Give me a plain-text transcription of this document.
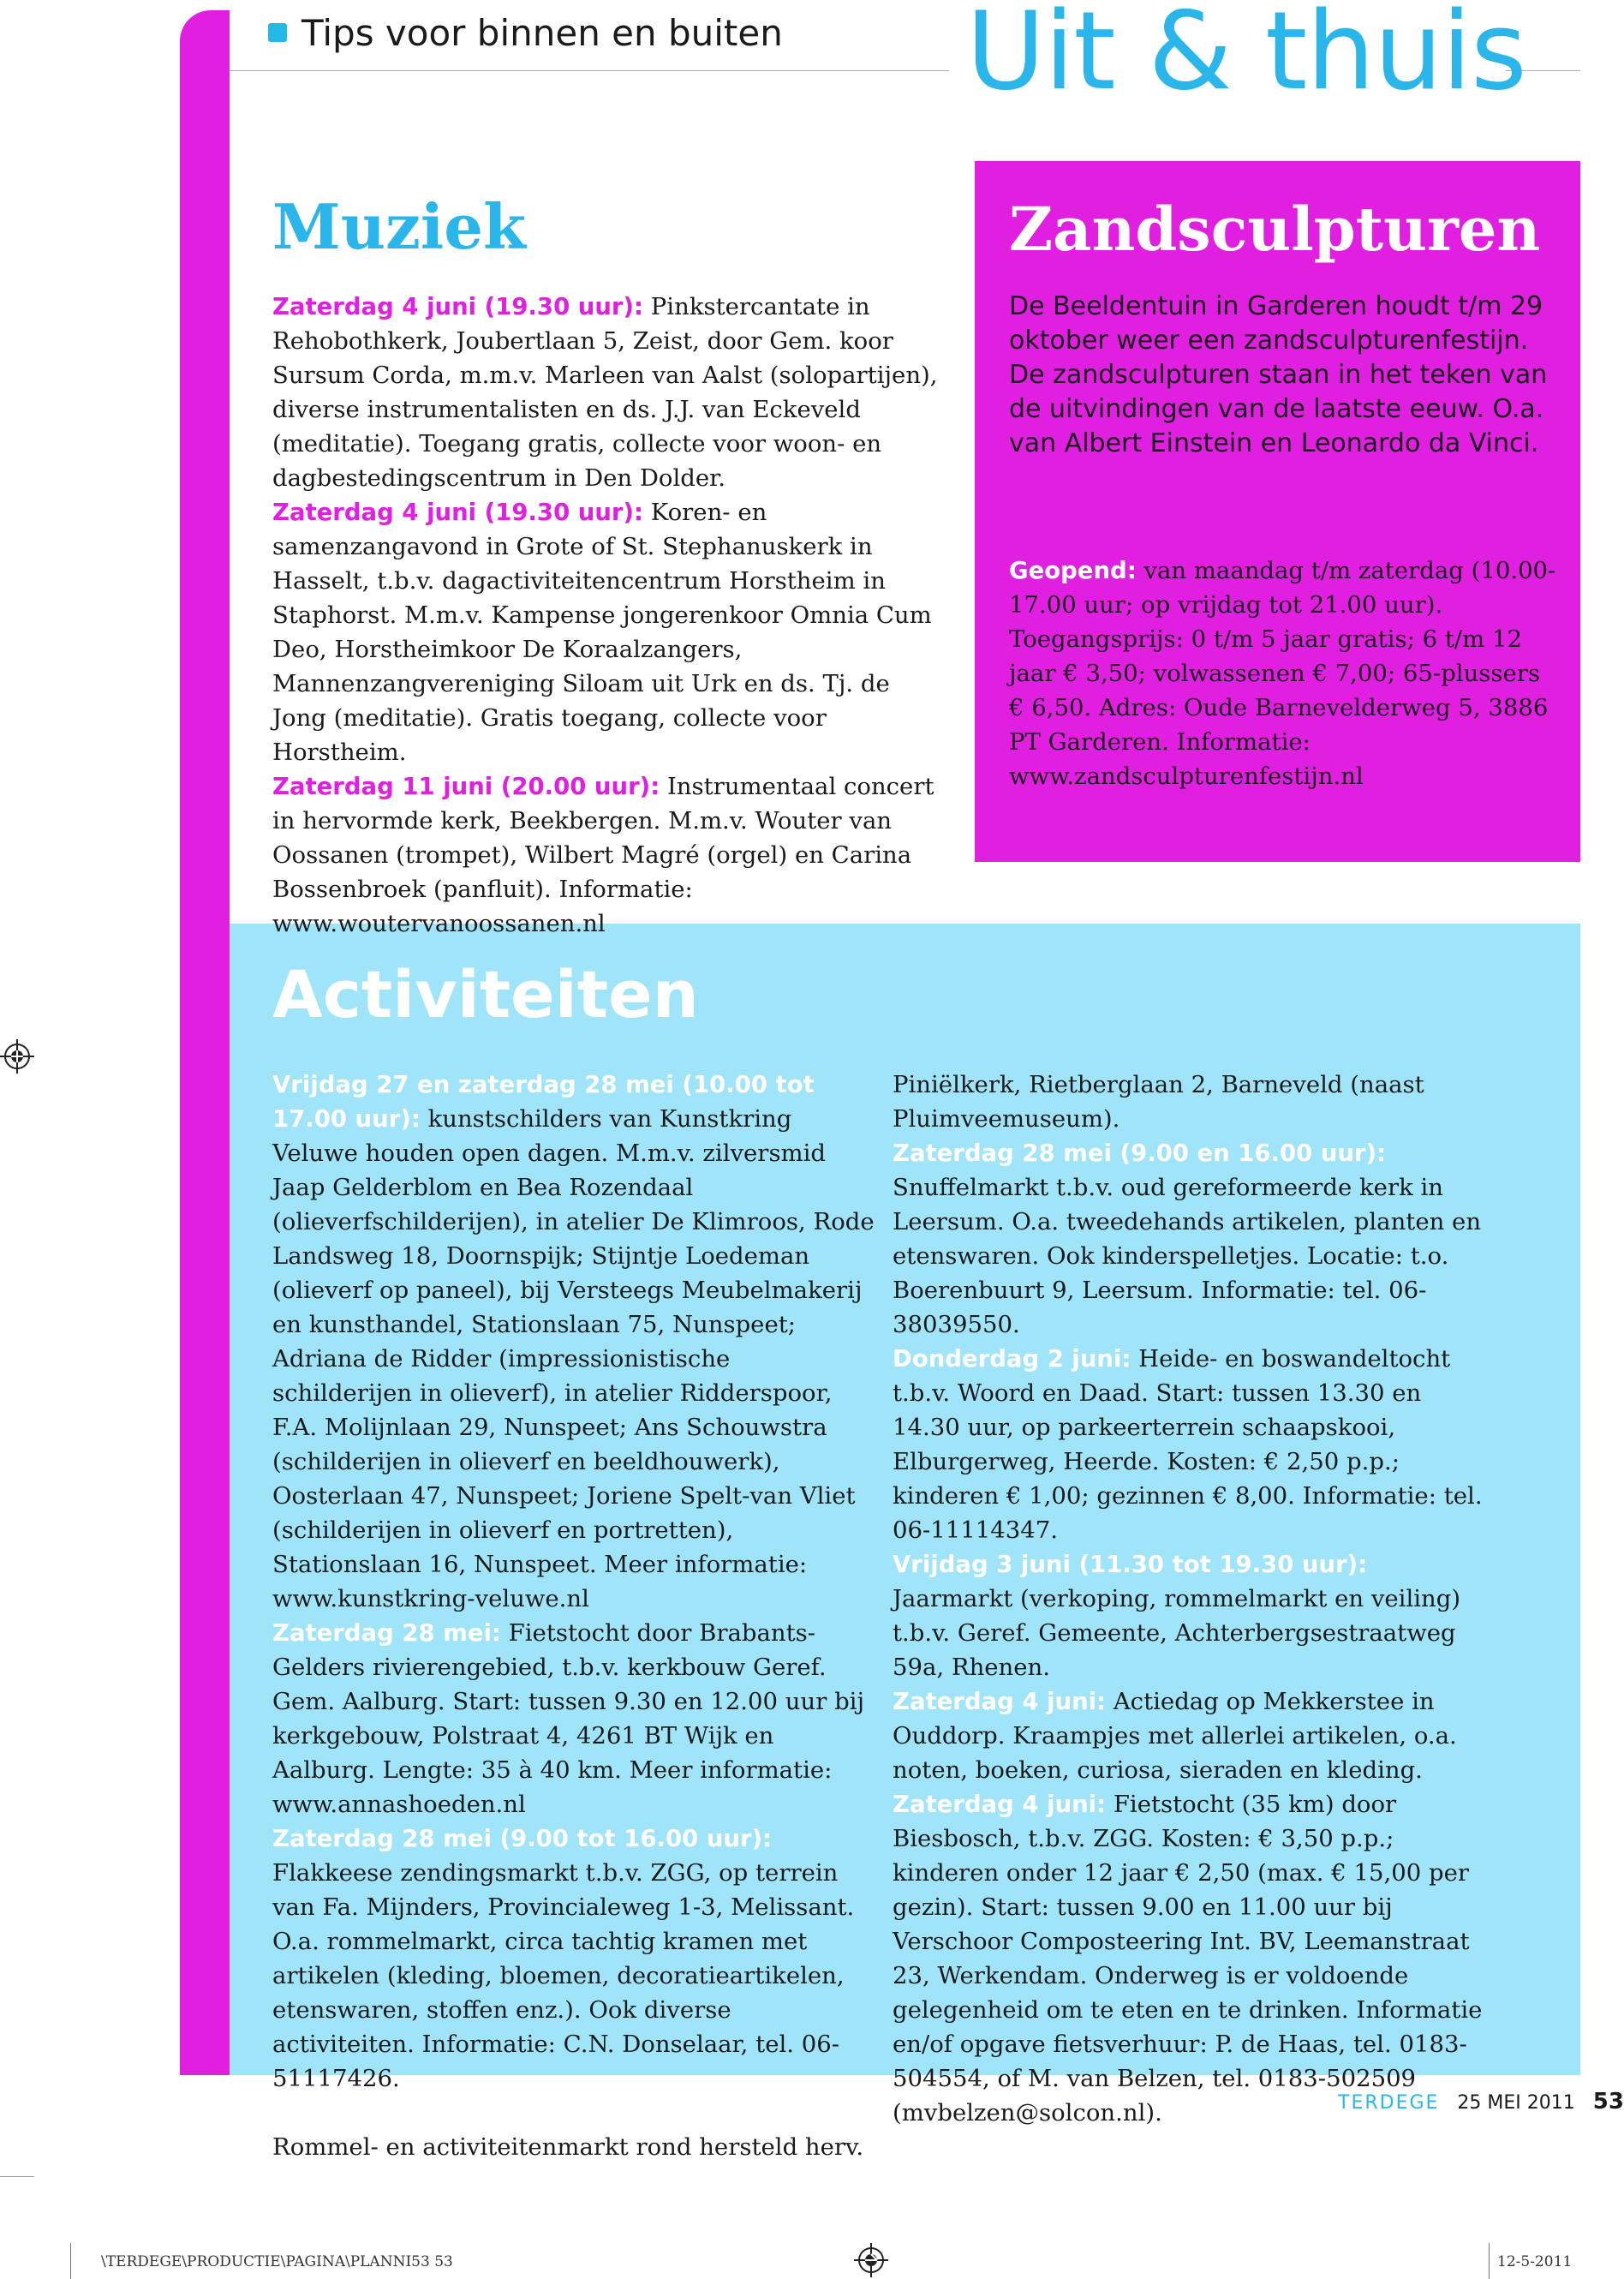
Tips voor binnen en buiten Uit & thuis
Muziek

Zaterdag 4 juni (19.30 uur): Pinkstercantate in Rehobothkerk, Joubertlaan 5, Zeist, door Gem. koor Sursum Corda, m.m.v. Marleen van Aalst (solopartijen), diverse instrumentalisten en ds. J.J. van Eckeveld (meditatie). Toegang gratis, collecte voor woon- en dagbestedingscentrum in Den Dolder.

Zaterdag 4 juni (19.30 uur): Koren- en samenzangavond in Grote of St. Stephanuskerk in Hasselt, t.b.v. dagactiviteitencentrum Horstheim in Staphorst. M.m.v. Kampense jongerenkoor Omnia Cum Deo, Horstheimkoor De Koraalzangers, Mannenzangvereniging Siloam uit Urk en ds. Tj. de Jong (meditatie). Gratis toegang, collecte voor Horstheim.

Zaterdag 11 juni (20.00 uur): Instrumentaal concert in hervormde kerk, Beekbergen. M.m.v. Wouter van Oossanen (trompet), Wilbert Magré (orgel) en Carina Bossenbroek (panfluit). Informatie: www.woutervanoossanen.nl

Zandsculpturen
De Beeldentuin in Garderen houdt t/m 29 oktober weer een zandsculpturenfestijn.
De zandsculpturen staan in het teken van de uitvindingen van de laatste eeuw. O.a. van Albert Einstein en Leonardo da Vinci.

Geopend: van maandag t/m zaterdag (10.00-17.00 uur; op vrijdag tot 21.00 uur). Toegangsprijs: 0 t/m 5 jaar gratis; 6 t/m 12 jaar € 3,50; volwassenen € 7,00; 65-plussers € 6,50. Adres: Oude Barnevelderweg 5, 3886 PT Garderen. Informatie: www.zandsculpturenfestijn.nl

Activiteiten

Vrijdag 27 en zaterdag 28 mei (10.00 tot 17.00 uur): kunstschilders van Kunstkring Veluwe houden open dagen. M.m.v. zilversmid Jaap Gelderblom en Bea Rozendaal (olieverfschilderijen), in atelier De Klimroos, Rode Landsweg 18, Doornspijk; Stijntje Loedeman (olieverf op paneel), bij Versteegs Meubelmakerij en kunsthandel, Stationslaan 75, Nunspeet; Adriana de Ridder (impressionistische schilderijen in olieverf), in atelier Ridderspoor, F.A. Molijnlaan 29, Nunspeet; Ans Schouwstra (schilderijen in olieverf en beeldhouwerk), Oosterlaan 47, Nunspeet; Joriene Spelt-van Vliet (schilderijen in olieverf en portretten), Stationslaan 16, Nunspeet. Meer informatie: www.kunstkring-veluwe.nl

Zaterdag 28 mei: Fietstocht door Brabants-Gelders rivierengebied, t.b.v. kerkbouw Geref. Gem. Aalburg. Start: tussen 9.30 en 12.00 uur bij kerkgebouw, Polstraat 4, 4261 BT Wijk en Aalburg. Lengte: 35 à 40 km. Meer informatie: www.annashoeden.nl

Zaterdag 28 mei (9.00 tot 16.00 uur): Flakkeese zendingsmarkt t.b.v. ZGG, op terrein van Fa. Mijnders, Provincialeweg 1-3, Melissant. O.a. rommelmarkt, circa tachtig kramen met artikelen (kleding, bloemen, decoratieartikelen, etenswaren, stoffen enz.). Ook diverse activiteiten. Informatie: C.N. Donselaar, tel. 06-51117426.

Zaterdag 28 mei (10.00 tot 15.00 uur): Rommel- en activiteitenmarkt rond hersteld herv.

Piniëlkerk, Rietberglaan 2, Barneveld (naast Pluimveemuseum).

Zaterdag 28 mei (9.00 en 16.00 uur): Snuffelmarkt t.b.v. oud gereformeerde kerk in Leersum. O.a. tweedehands artikelen, planten en etenswaren. Ook kinderspelletjes. Locatie: t.o. Boerenbuurt 9, Leersum. Informatie: tel. 06-38039550.

Donderdag 2 juni: Heide- en boswandeltocht t.b.v. Woord en Daad. Start: tussen 13.30 en 14.30 uur, op parkeerterrein schaapskooi, Elburgerweg, Heerde. Kosten: € 2,50 p.p.; kinderen € 1,00; gezinnen € 8,00. Informatie: tel. 06-11114347.

Vrijdag 3 juni (11.30 tot 19.30 uur): Jaarmarkt (verkoping, rommelmarkt en veiling) t.b.v. Geref. Gemeente, Achterbergsestraatweg 59a, Rhenen.

Zaterdag 4 juni: Actiedag op Mekkerstee in Ouddorp. Kraampjes met allerlei artikelen, o.a. noten, boeken, curiosa, sieraden en kleding.

Zaterdag 4 juni: Fietstocht (35 km) door Biesbosch, t.b.v. ZGG. Kosten: € 3,50 p.p.; kinderen onder 12 jaar € 2,50 (max. € 15,00 per gezin). Start: tussen 9.00 en 11.00 uur bij Verschoor Composteering Int. BV, Leemanstraat 23, Werkendam. Onderweg is er voldoende gelegenheid om te eten en te drinken. Informatie en/of opgave fietsverhuur: P. de Haas, tel. 0183-504554, of M. van Belzen, tel. 0183-502509 (mvbelzen@solcon.nl).	TERDEGE 25 MEI 2011 53
\TERDEGE\PRODUCTIE\PAGINA\PLANNI53 53	12-5-2011
